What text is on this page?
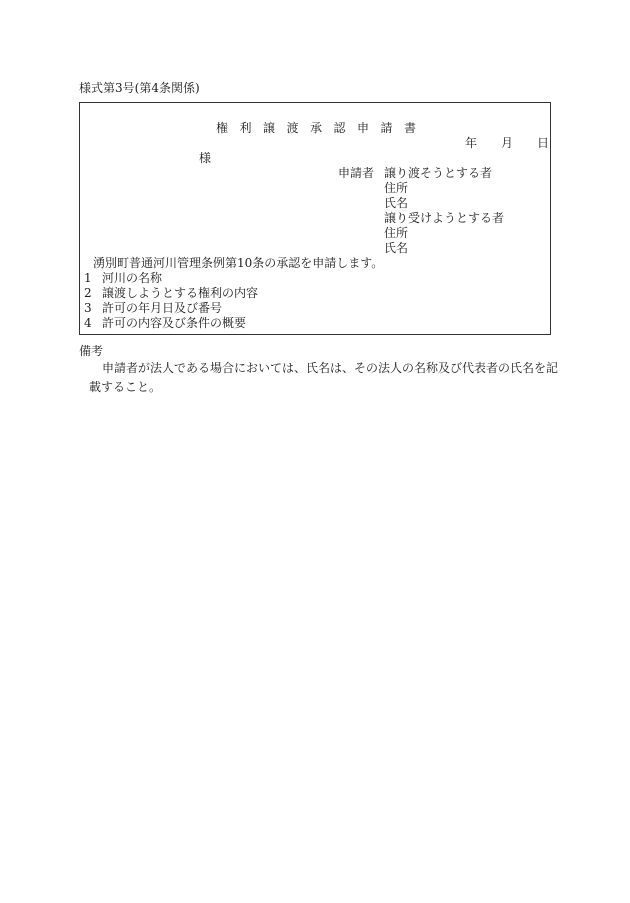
様式第3号(第4条関係)
権利譲渡承認申請書
年 月 日
様
申請者 譲り渡そうとする者
住所
氏名
譲り受けようとする者
住所
氏名
湧別町普通河川管理条例第10条の承認を申請します。
1 河川の名称
2 譲渡しようとする権利の内容
3 許可の年月日及び番号
4 許可の内容及び条件の概要
備考
申請者が法人である場合においては、氏名は、その法人の名称及び代表者の氏名を記
載すること。
